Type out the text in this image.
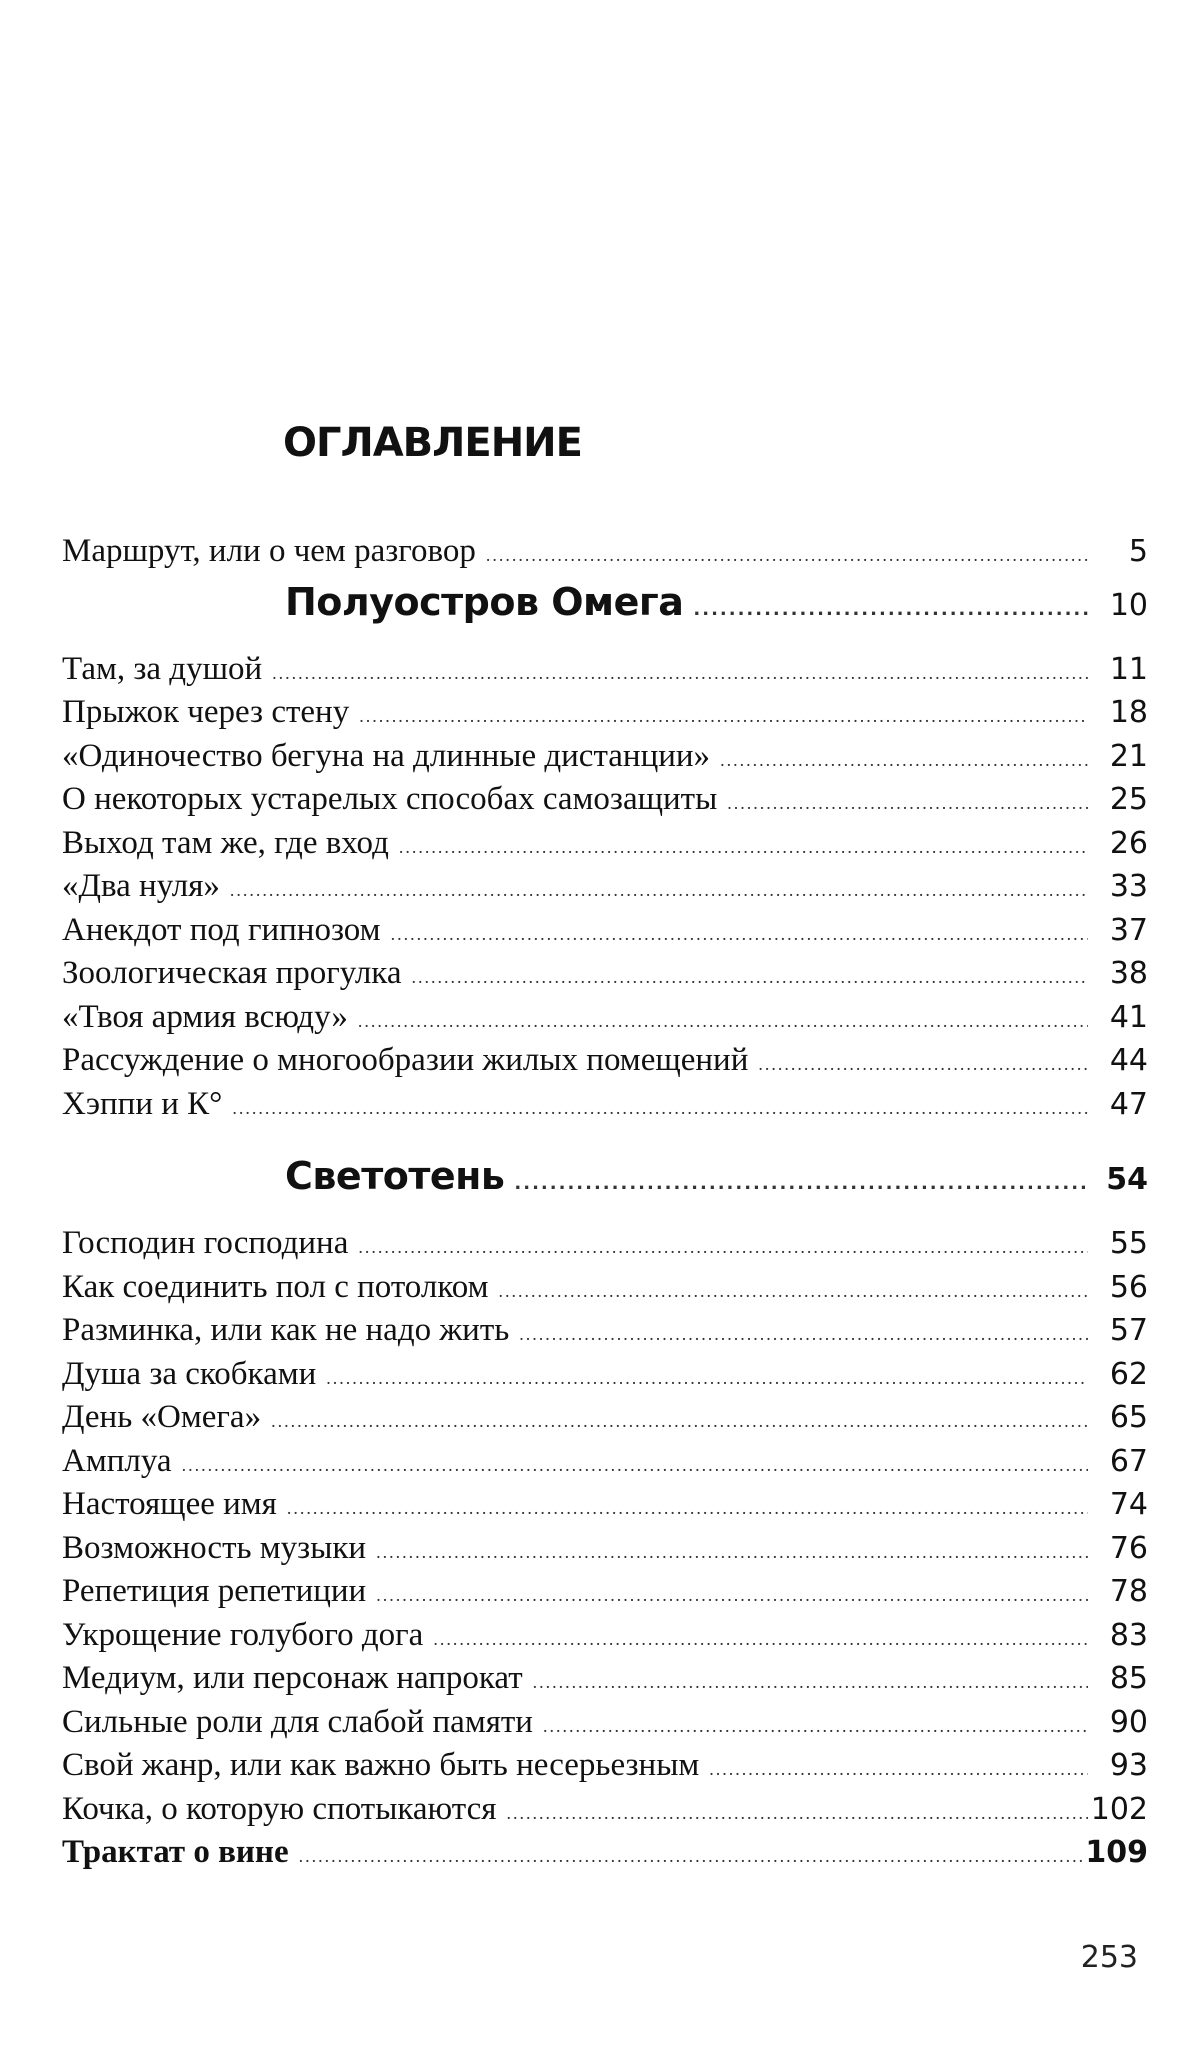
ОГЛАВЛЕНИЕ
Маршрут, или о чем разговор .....	5
Полуостров Омега .....	10
Там, за душой .....	11
Прыжок через стену .....	18
«Одиночество бегуна на длинные дистанции» .....	21
О некоторых устарелых способах самозащиты .....	25
Выход там же, где вход .....	26
«Два нуля» .....	33
Анекдот под гипнозом .....	37
Зоологическая прогулка .....	38
«Твоя армия всюду» .....	41
Рассуждение о многообразии жилых помещений .....	44
Хэппи и К° .....	47
Светотень .....	54
Господин господина .....	55
Как соединить пол с потолком .....	56
Разминка, или как не надо жить .....	57
Душа за скобками .....	62
День «Омега» .....	65
Амплуа .....	67
Настоящее имя .....	74
Возможность музыки .....	76
Репетиция репетиции .....	78
Укрощение голубого дога .....	83
Медиум, или персонаж напрокат .....	85
Сильные роли для слабой памяти .....	90
Свой жанр, или как важно быть несерьезным .....	93
Кочка, о которую спотыкаются .....	102
Трактат о вине .....	109
253
